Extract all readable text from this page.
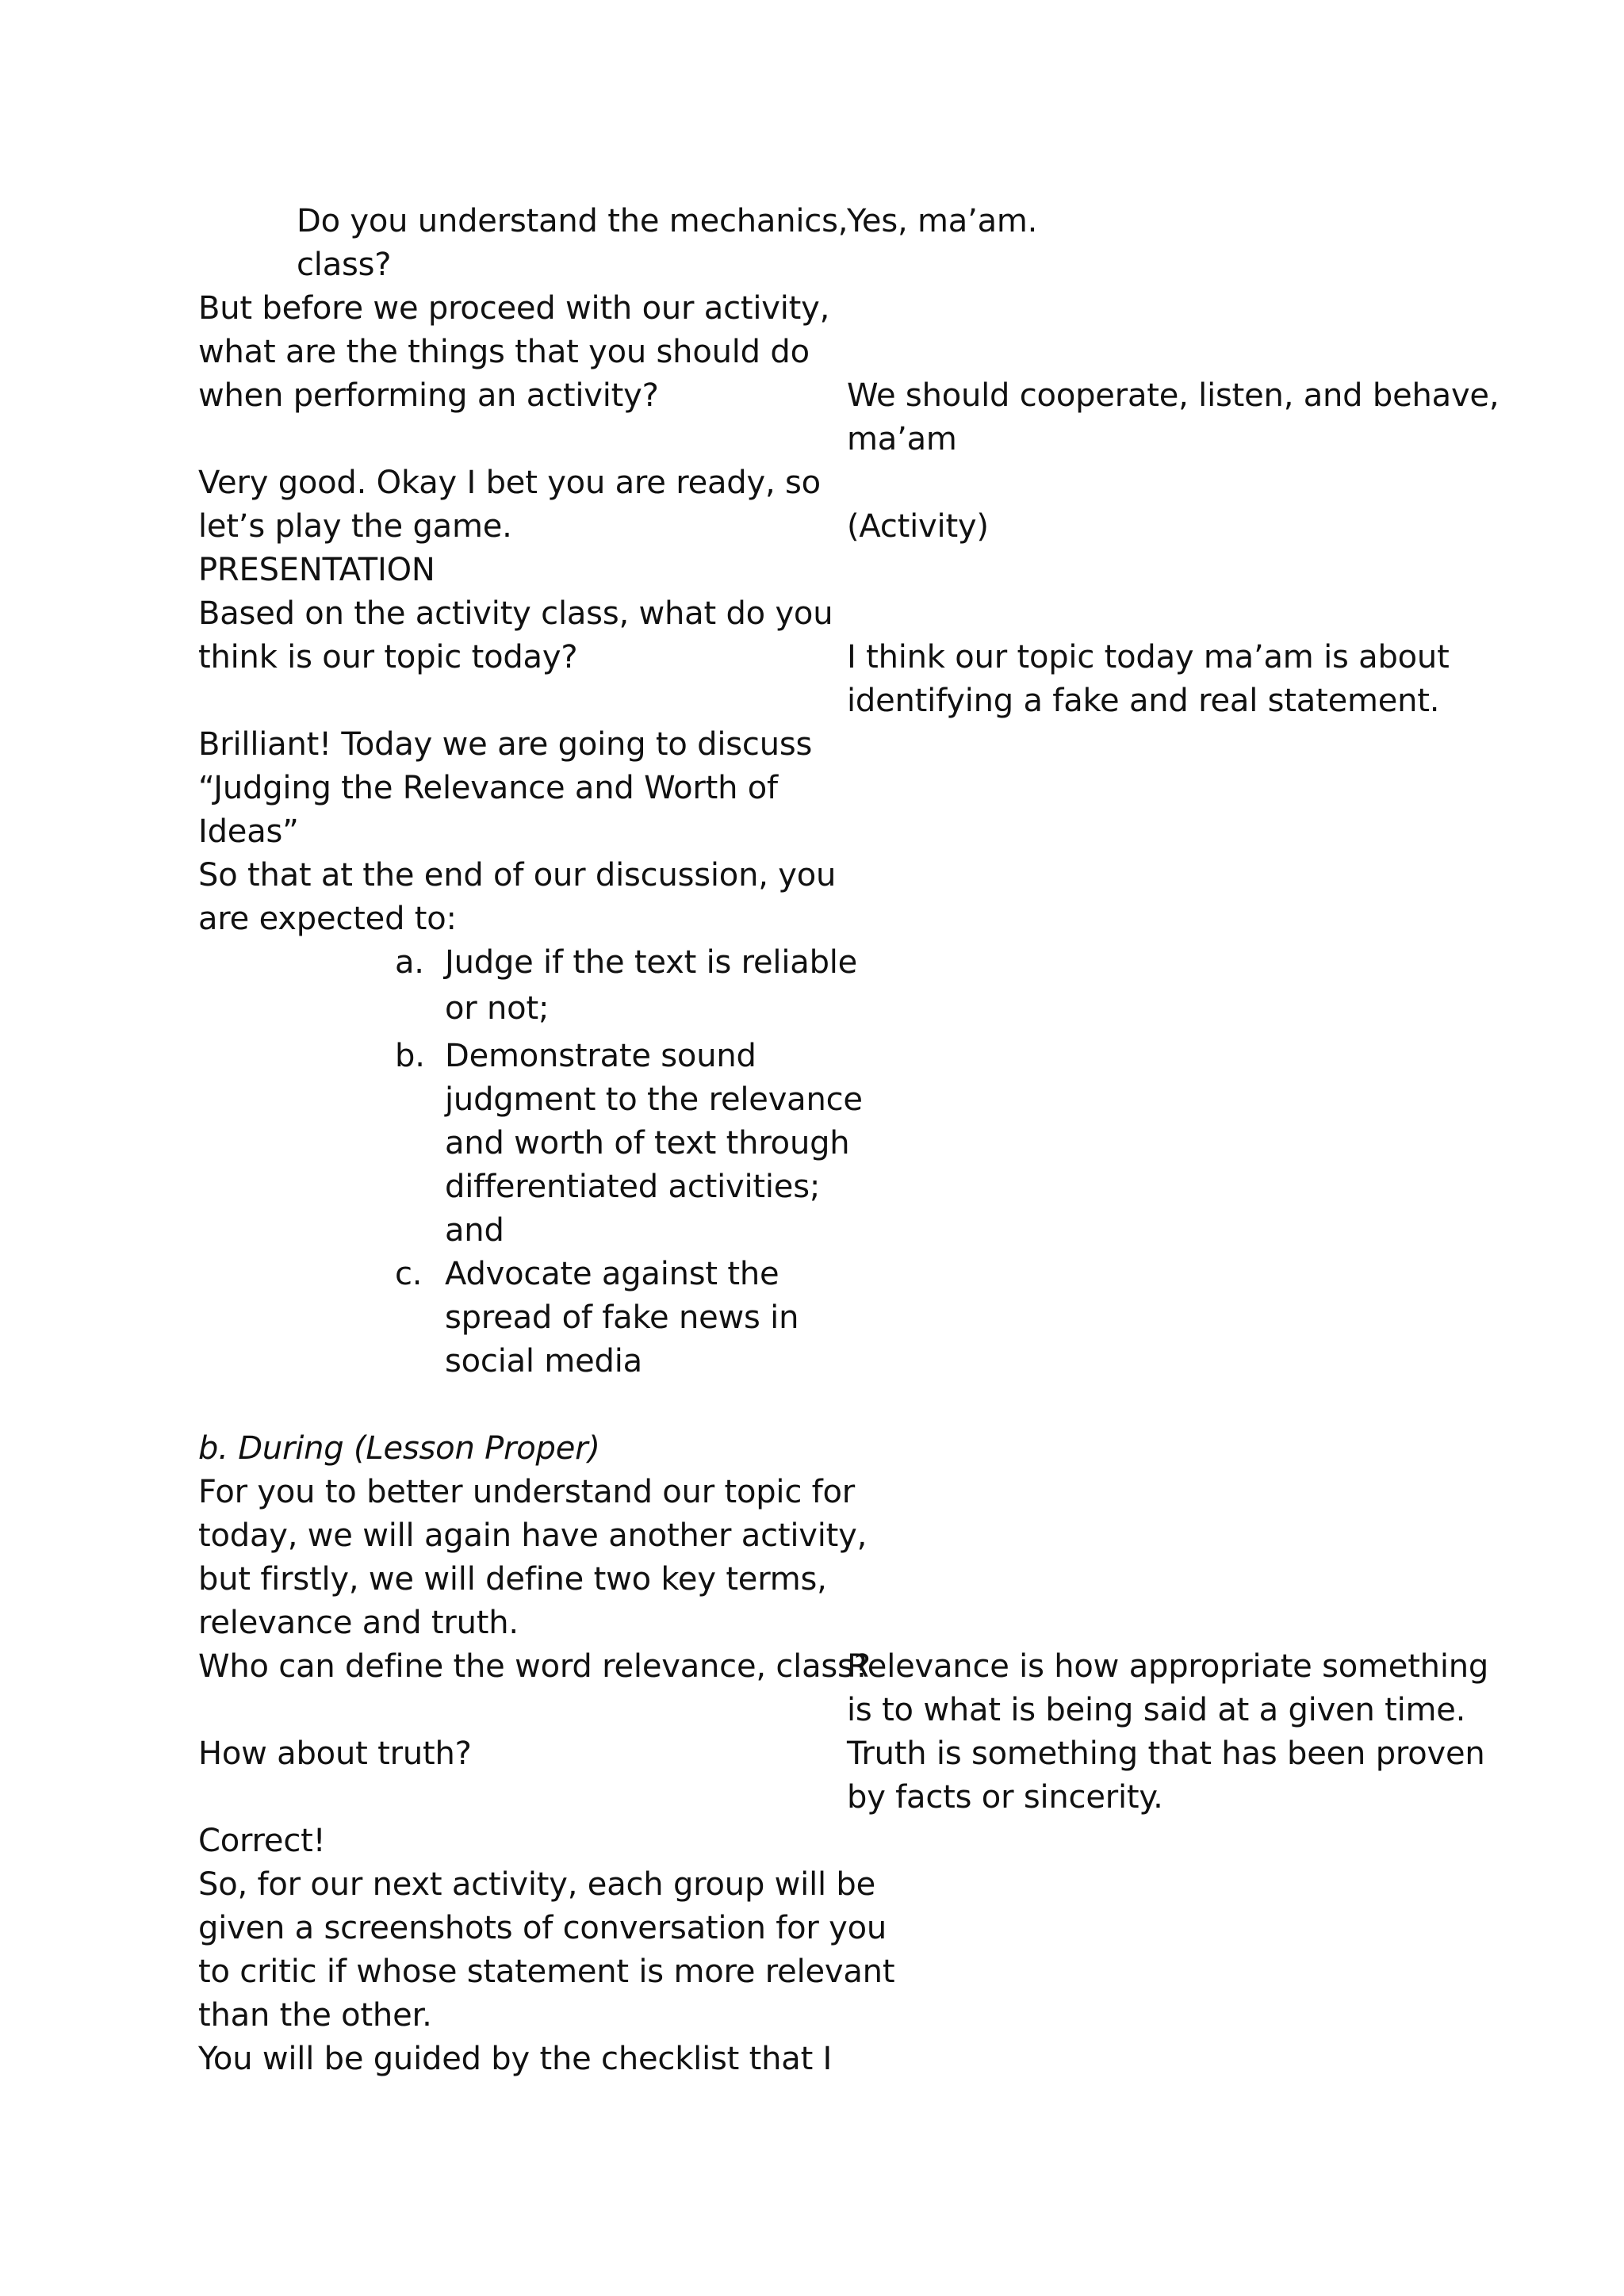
Do you understand the mechanics,
class?
But before we proceed with our activity,
what are the things that you should do
when performing an activity?
Very good. Okay I bet you are ready, so
let’s play the game.
PRESENTATION
Based on the activity class, what do you
think is our topic today?
Brilliant! Today we are going to discuss
“Judging the Relevance and Worth of
Ideas”
So that at the end of our discussion, you
are expected to:
a. Judge if the text is reliable
or not;
b. Demonstrate sound
judgment to the relevance
and worth of text through
differentiated activities;
and
c. Advocate against the
spread of fake news in
social media
b. During (Lesson Proper)
For you to better understand our topic for
today, we will again have another activity,
but firstly, we will define two key terms,
relevance and truth.
Who can define the word relevance, class?
How about truth?
Correct!
So, for our next activity, each group will be
given a screenshots of conversation for you
to critic if whose statement is more relevant
than the other.
You will be guided by the checklist that I
Yes, ma’am.
We should cooperate, listen, and behave,
ma’am
(Activity)
I think our topic today ma’am is about
identifying a fake and real statement.
Relevance is how appropriate something
is to what is being said at a given time.
Truth is something that has been proven
by facts or sincerity.
